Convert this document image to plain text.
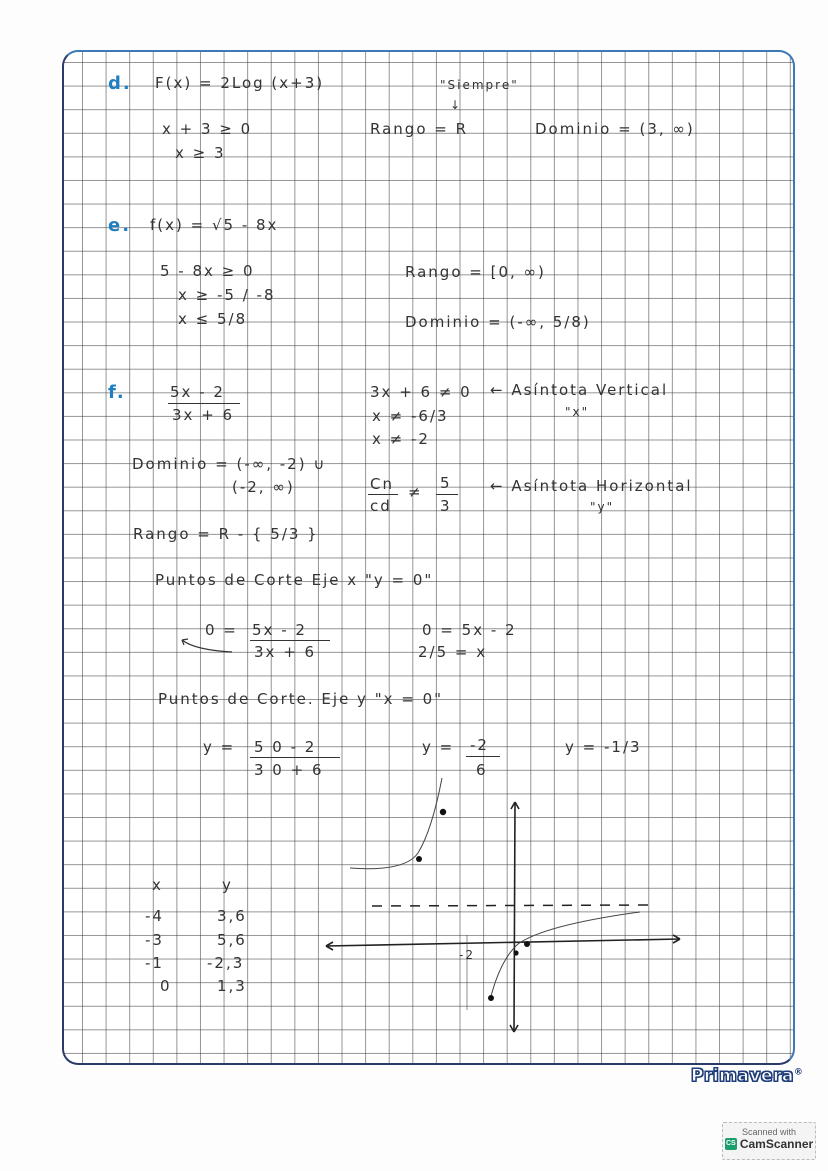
d. F(x) = 2Log (x+3)	"Siempre"
↓
x + 3 ≥ 0
x ≥ 3
Rango = R	Dominio = (3, ∞)
e. f(x) = √5 - 8x
5 - 8x ≥ 0
x ≥ -5 / -8
x ≤ 5/8
Rango = [0, ∞)
Dominio = (-∞, 5/8)
f.	5x - 2
3x + 6
3x + 6 ≠ 0 ← Asíntota Vertical
"x"
x ≠ -6/3
x ≠ -2
Dominio = (-∞, -2) ∪
(-2, ∞)	Cn
cd
≠ 5
3
← Asíntota Horizontal
"y"
Rango = R - { 5/3 }
Puntos de Corte Eje x "y = 0"
0 = 5x - 2
3x + 6
0 = 5x - 2
2/5 = x
Puntos de Corte. Eje y "x = 0"
y = 5 0 - 2
3 0 + 6
y = -2
6
y = -1/3
x	y
-4	3,6
-3	5,6
-1	-2,3
0	1,3
-2
Primavera®
Scanned with
CS CamScanner
